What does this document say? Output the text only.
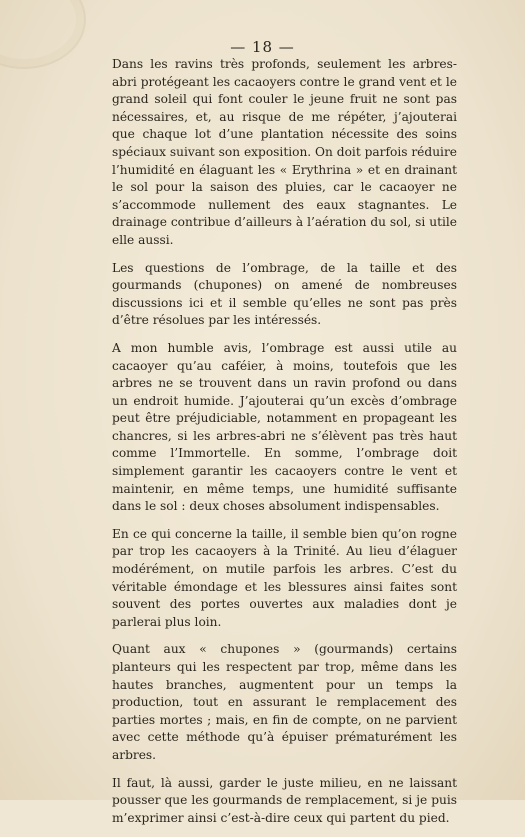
— 18 —

Dans les ravins très profonds, seulement les arbres-abri protégeant les cacaoyers contre le grand vent et le grand soleil qui font couler le jeune fruit ne sont pas nécessaires, et, au risque de me répéter, j’ajouterai que chaque lot d’une plantation nécessite des soins spéciaux suivant son exposition. On doit parfois réduire l’humidité en élaguant les « Erythrina » et en drainant le sol pour la saison des pluies, car le cacaoyer ne s’accommode nullement des eaux stagnantes. Le drainage contribue d’ailleurs à l’aération du sol, si utile elle aussi.

Les questions de l’ombrage, de la taille et des gourmands (chupones) on amené de nombreuses discussions ici et il semble qu’elles ne sont pas près d’être résolues par les intéressés.

A mon humble avis, l’ombrage est aussi utile au cacaoyer qu’au caféier, à moins, toutefois que les arbres ne se trouvent dans un ravin profond ou dans un endroit humide. J’ajouterai qu’un excès d’ombrage peut être préjudiciable, notamment en propageant les chancres, si les arbres-abri ne s’élèvent pas très haut comme l’Immortelle. En somme, l’ombrage doit simplement garantir les cacaoyers contre le vent et maintenir, en même temps, une humidité suffisante dans le sol : deux choses absolument indispensables.

En ce qui concerne la taille, il semble bien qu’on rogne par trop les cacaoyers à la Trinité. Au lieu d’élaguer modérément, on mutile parfois les arbres. C’est du véritable émondage et les blessures ainsi faites sont souvent des portes ouvertes aux maladies dont je parlerai plus loin.

Quant aux « chupones » (gourmands) certains planteurs qui les respectent par trop, même dans les hautes branches, augmentent pour un temps la production, tout en assurant le remplacement des parties mortes ; mais, en fin de compte, on ne parvient avec cette méthode qu’à épuiser prématurément les arbres.

Il faut, là aussi, garder le juste milieu, en ne laissant pousser que les gourmands de remplacement, si je puis m’exprimer ainsi c’est-à-dire ceux qui partent du pied.
